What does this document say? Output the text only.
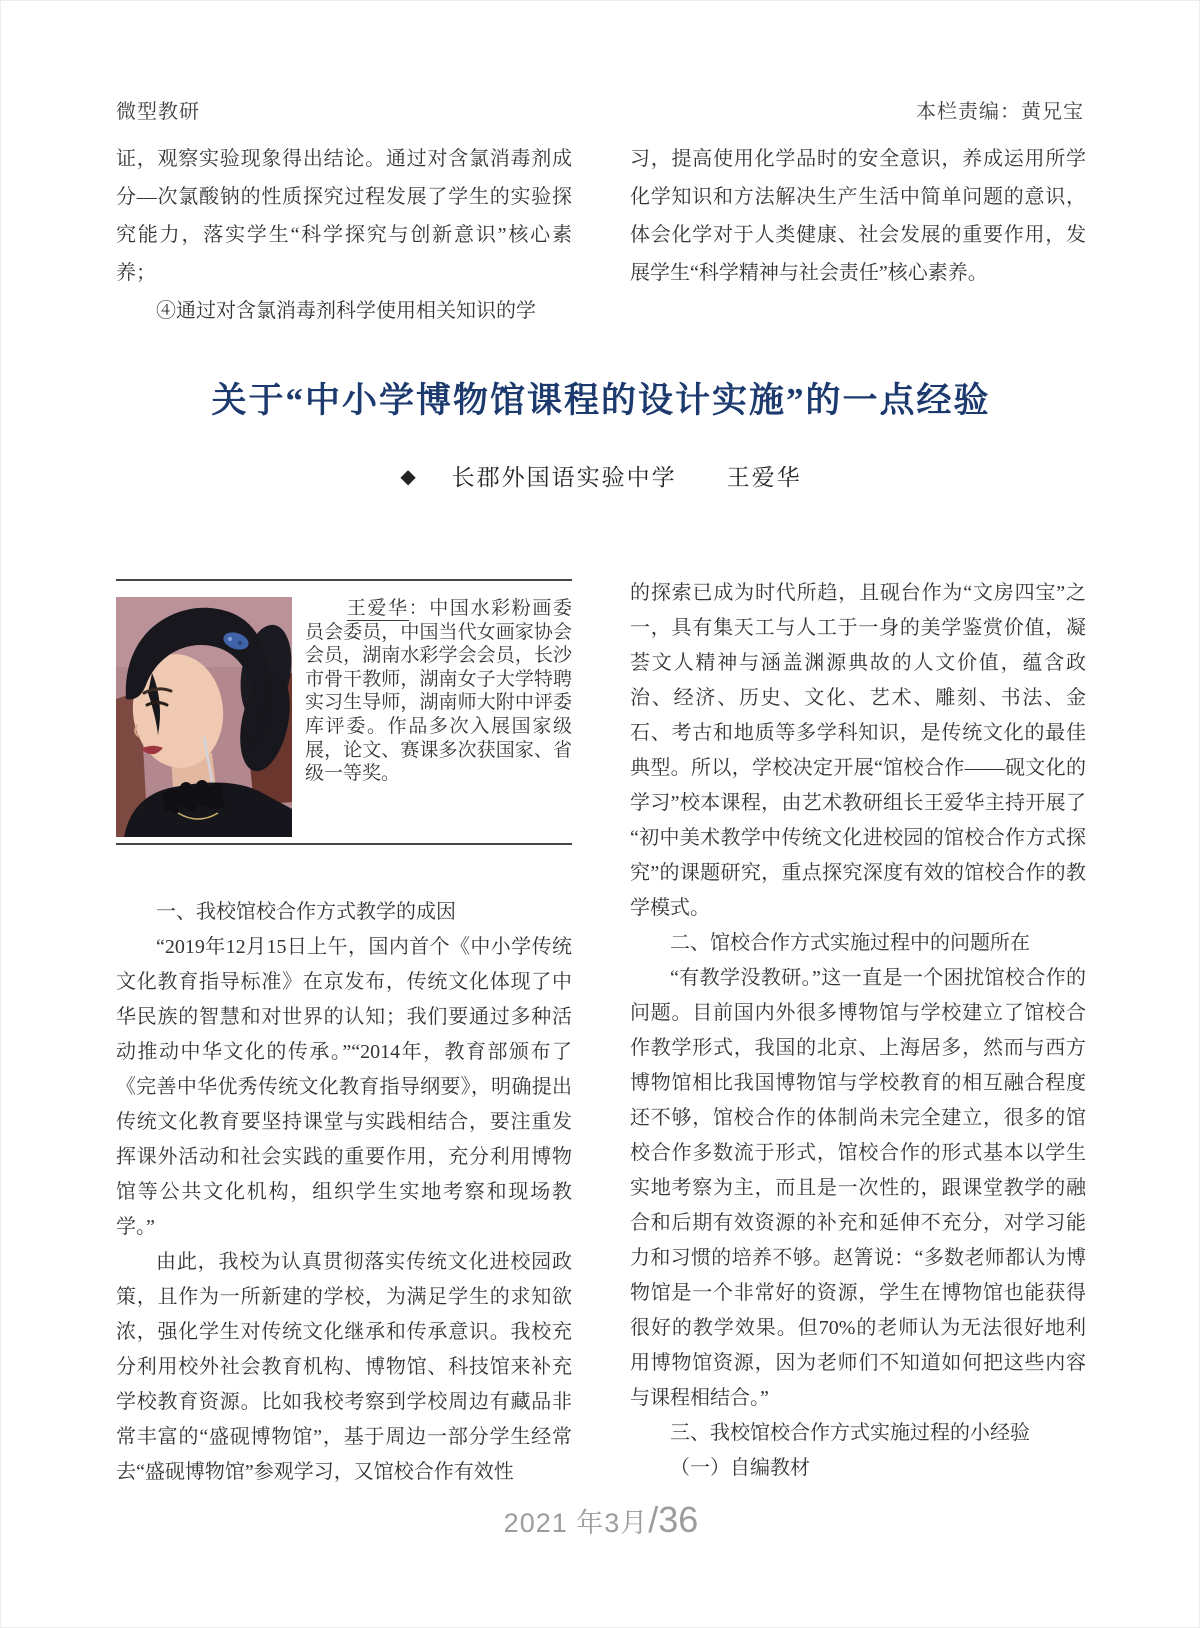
微型教研	本栏责编：黄兄宝

证，观察实验现象得出结论。通过对含氯消毒剂成分—次氯酸钠的性质探究过程发展了学生的实验探究能力，落实学生“科学探究与创新意识”核心素养；

④通过对含氯消毒剂科学使用相关知识的学

习，提高使用化学品时的安全意识，养成运用所学化学知识和方法解决生产生活中简单问题的意识，体会化学对于人类健康、社会发展的重要作用，发展学生“科学精神与社会责任”核心素养。

关于“中小学博物馆课程的设计实施”的一点经验
◆ 长郡外国语实验中学　　王爱华
王爱华：中国水彩粉画委员会委员，中国当代女画家协会会员，湖南水彩学会会员，长沙市骨干教师，湖南女子大学特聘实习生导师，湖南师大附中评委库评委。作品多次入展国家级展，论文、赛课多次获国家、省级一等奖。

一、我校馆校合作方式教学的成因

“2019年12月15日上午，国内首个《中小学传统文化教育指导标准》在京发布，传统文化体现了中华民族的智慧和对世界的认知；我们要通过多种活动推动中华文化的传承。”“2014年，教育部颁布了《完善中华优秀传统文化教育指导纲要》，明确提出传统文化教育要坚持课堂与实践相结合，要注重发挥课外活动和社会实践的重要作用，充分利用博物馆等公共文化机构，组织学生实地考察和现场教学。”

由此，我校为认真贯彻落实传统文化进校园政策，且作为一所新建的学校，为满足学生的求知欲浓，强化学生对传统文化继承和传承意识。我校充分利用校外社会教育机构、博物馆、科技馆来补充学校教育资源。比如我校考察到学校周边有藏品非常丰富的“盛砚博物馆”，基于周边一部分学生经常去“盛砚博物馆”参观学习，又馆校合作有效性

的探索已成为时代所趋，且砚台作为“文房四宝”之一，具有集天工与人工于一身的美学鉴赏价值，凝荟文人精神与涵盖渊源典故的人文价值，蕴含政治、经济、历史、文化、艺术、雕刻、书法、金石、考古和地质等多学科知识，是传统文化的最佳典型。所以，学校决定开展“馆校合作——砚文化的学习”校本课程，由艺术教研组长王爱华主持开展了“初中美术教学中传统文化进校园的馆校合作方式探究”的课题研究，重点探究深度有效的馆校合作的教学模式。

二、馆校合作方式实施过程中的问题所在

“有教学没教研。”这一直是一个困扰馆校合作的问题。目前国内外很多博物馆与学校建立了馆校合作教学形式，我国的北京、上海居多，然而与西方博物馆相比我国博物馆与学校教育的相互融合程度还不够，馆校合作的体制尚未完全建立，很多的馆校合作多数流于形式，馆校合作的形式基本以学生实地考察为主，而且是一次性的，跟课堂教学的融合和后期有效资源的补充和延伸不充分，对学习能力和习惯的培养不够。赵箐说：“多数老师都认为博物馆是一个非常好的资源，学生在博物馆也能获得很好的教学效果。但70%的老师认为无法很好地利用博物馆资源，因为老师们不知道如何把这些内容与课程相结合。”

三、我校馆校合作方式实施过程的小经验

（一）自编教材

2021 年3月/36
